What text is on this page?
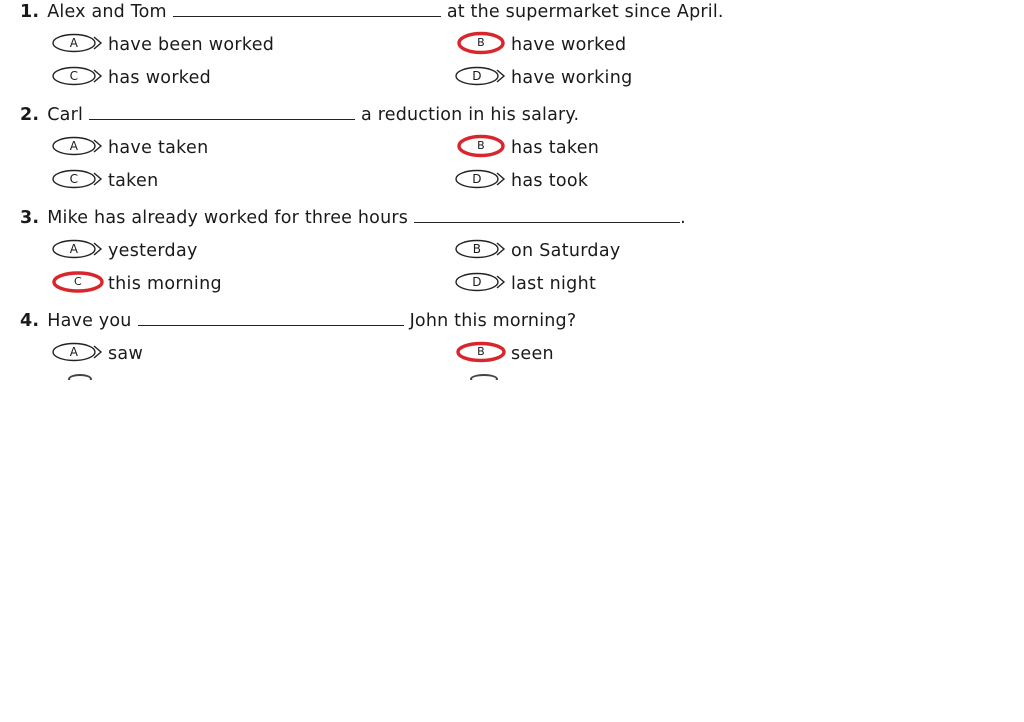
1. Alex and Tom	at the supermarket since April.
A	have been worked	B	have worked
C	has worked	D	have working
2. Carl	a reduction in his salary.
A	have taken	B	has taken
C	taken	D	has took
3. Mike has already worked for three hours	.
A	yesterday	B	on Saturday
C	this morning	D	last night
4. Have you	John this morning?
A	saw	B	seen
